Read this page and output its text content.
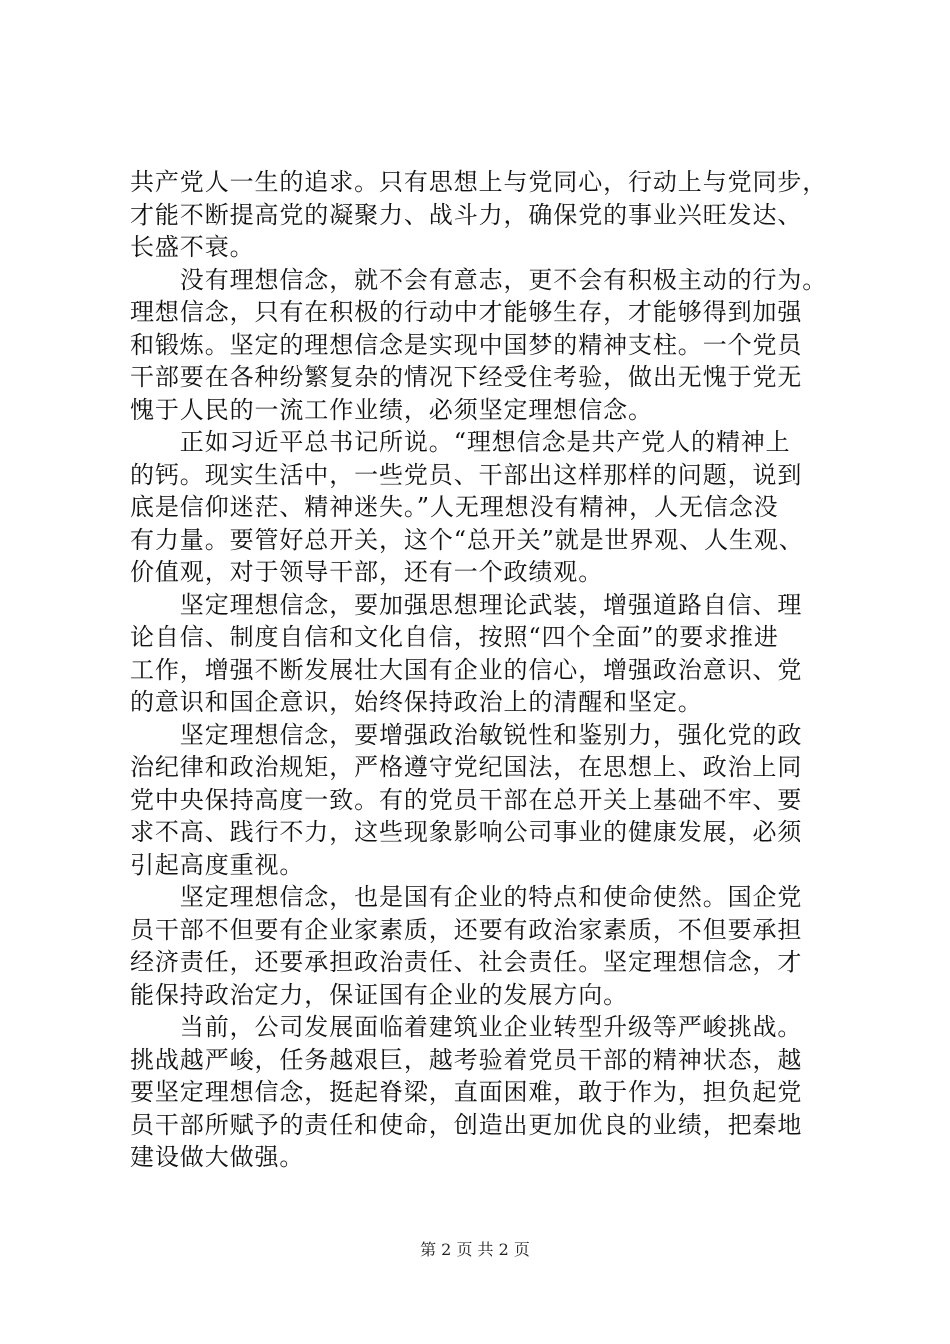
共产党人一生的追求。只有思想上与党同心，行动上与党同步，
才能不断提高党的凝聚力、战斗力，确保党的事业兴旺发达、
长盛不衰。
　　没有理想信念，就不会有意志，更不会有积极主动的行为。
理想信念，只有在积极的行动中才能够生存，才能够得到加强
和锻炼。坚定的理想信念是实现中国梦的精神支柱。一个党员
干部要在各种纷繁复杂的情况下经受住考验，做出无愧于党无
愧于人民的一流工作业绩，必须坚定理想信念。
　　正如习近平总书记所说。“理想信念是共产党人的精神上
的钙。现实生活中，一些党员、干部出这样那样的问题，说到
底是信仰迷茫、精神迷失。”人无理想没有精神，人无信念没
有力量。要管好总开关，这个“总开关”就是世界观、人生观、
价值观，对于领导干部，还有一个政绩观。
　　坚定理想信念，要加强思想理论武装，增强道路自信、理
论自信、制度自信和文化自信，按照“四个全面”的要求推进
工作，增强不断发展壮大国有企业的信心，增强政治意识、党
的意识和国企意识，始终保持政治上的清醒和坚定。
　　坚定理想信念，要增强政治敏锐性和鉴别力，强化党的政
治纪律和政治规矩，严格遵守党纪国法，在思想上、政治上同
党中央保持高度一致。有的党员干部在总开关上基础不牢、要
求不高、践行不力，这些现象影响公司事业的健康发展，必须
引起高度重视。
　　坚定理想信念，也是国有企业的特点和使命使然。国企党
员干部不但要有企业家素质，还要有政治家素质，不但要承担
经济责任，还要承担政治责任、社会责任。坚定理想信念，才
能保持政治定力，保证国有企业的发展方向。
　　当前，公司发展面临着建筑业企业转型升级等严峻挑战。
挑战越严峻，任务越艰巨，越考验着党员干部的精神状态，越
要坚定理想信念，挺起脊梁，直面困难，敢于作为，担负起党
员干部所赋予的责任和使命，创造出更加优良的业绩，把秦地
建设做大做强。
第 2 页 共 2 页
